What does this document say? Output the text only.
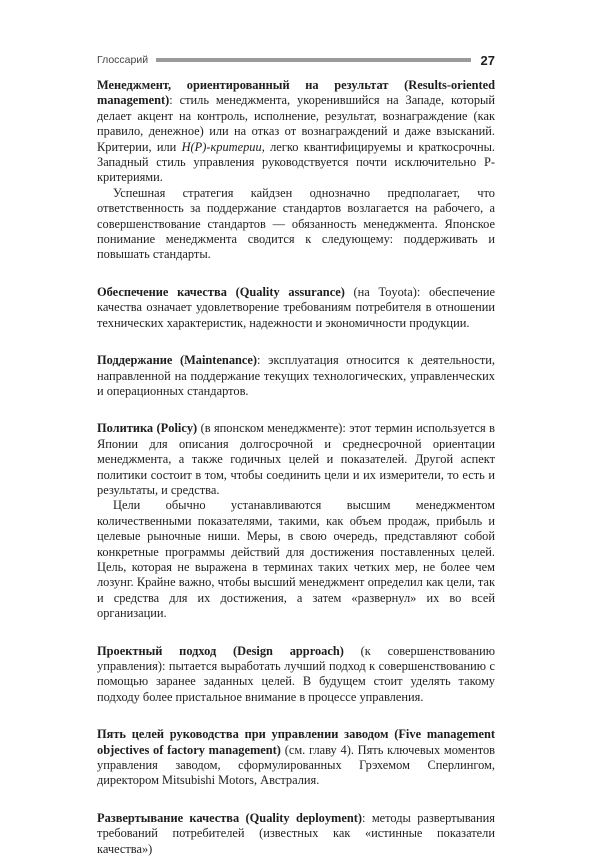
Глоссарий	27

Менеджмент, ориентированный на результат (Results-oriented management): стиль менеджмента, укоренившийся на Западе, который делает акцент на контроль, исполнение, результат, вознаграждение (как правило, денежное) или на отказ от вознаграждений и даже взысканий. Критерии, или Н(Р)-критерии, легко квантифицируемы и краткосрочны. Западный стиль управления руководствуется почти исключительно Р-критериями.

Успешная стратегия кайдзен однозначно предполагает, что ответственность за поддержание стандартов возлагается на рабочего, а совершенствование стандартов — обязанность менеджмента. Японское понимание менеджмента сводится к следующему: поддерживать и повышать стандарты.

Обеспечение качества (Quality assurance) (на Toyota): обеспечение качества означает удовлетворение требованиям потребителя в отношении технических характеристик, надежности и экономичности продукции.

Поддержание (Maintenance): эксплуатация относится к деятельности, направленной на поддержание текущих технологических, управленческих и операционных стандартов.

Политика (Policy) (в японском менеджменте): этот термин используется в Японии для описания долгосрочной и среднесрочной ориентации менеджмента, а также годичных целей и показателей. Другой аспект политики состоит в том, чтобы соединить цели и их измерители, то есть и результаты, и средства.

Цели обычно устанавливаются высшим менеджментом количественными показателями, такими, как объем продаж, прибыль и целевые рыночные ниши. Меры, в свою очередь, представляют собой конкретные программы действий для достижения поставленных целей. Цель, которая не выражена в терминах таких четких мер, не более чем лозунг. Крайне важно, чтобы высший менеджмент определил как цели, так и средства для их достижения, а затем «развернул» их во всей организации.

Проектный подход (Design approach) (к совершенствованию управления): пытается выработать лучший подход к совершенствованию с помощью заранее заданных целей. В будущем стоит уделять такому подходу более пристальное внимание в процессе управления.

Пять целей руководства при управлении заводом (Five management objectives of factory management) (см. главу 4). Пять ключевых моментов управления заводом, сформулированных Грэхемом Сперлингом, директором Mitsubishi Motors, Австралия.

Развертывание качества (Quality deployment): методы развертывания требований потребителей (известных как «истинные показатели качества»)
